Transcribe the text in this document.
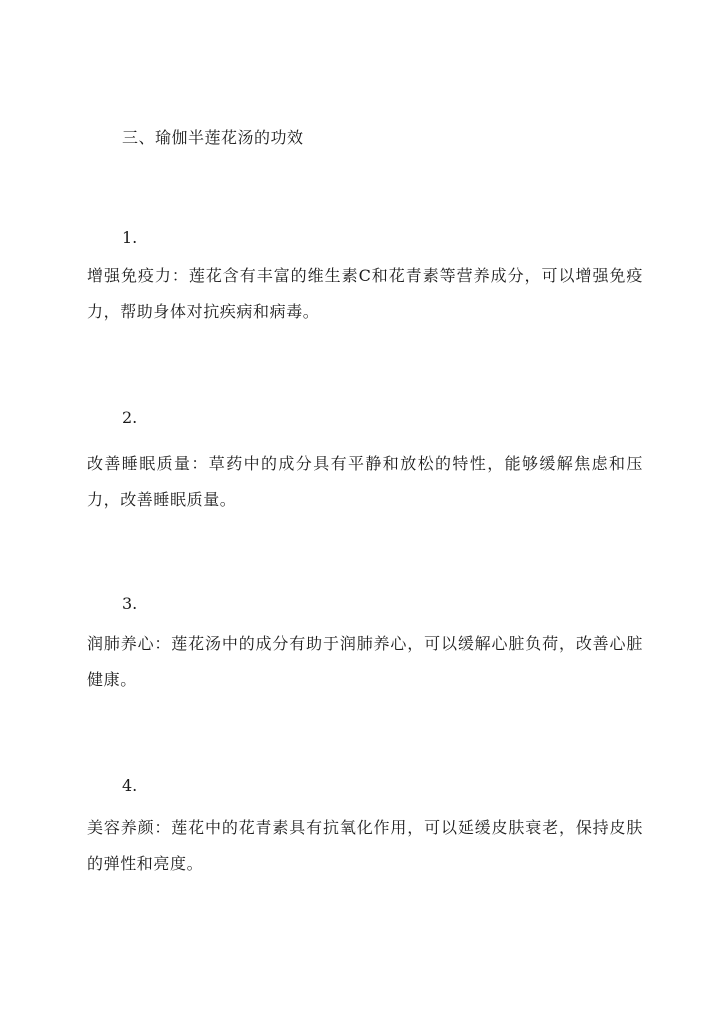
三、瑜伽半莲花汤的功效
1.

增强免疫力：莲花含有丰富的维生素C和花青素等营养成分，可以增强免疫力，帮助身体对抗疾病和病毒。

2.

改善睡眠质量：草药中的成分具有平静和放松的特性，能够缓解焦虑和压力，改善睡眠质量。

3.

润肺养心：莲花汤中的成分有助于润肺养心，可以缓解心脏负荷，改善心脏健康。

4.

美容养颜：莲花中的花青素具有抗氧化作用，可以延缓皮肤衰老，保持皮肤的弹性和亮度。
